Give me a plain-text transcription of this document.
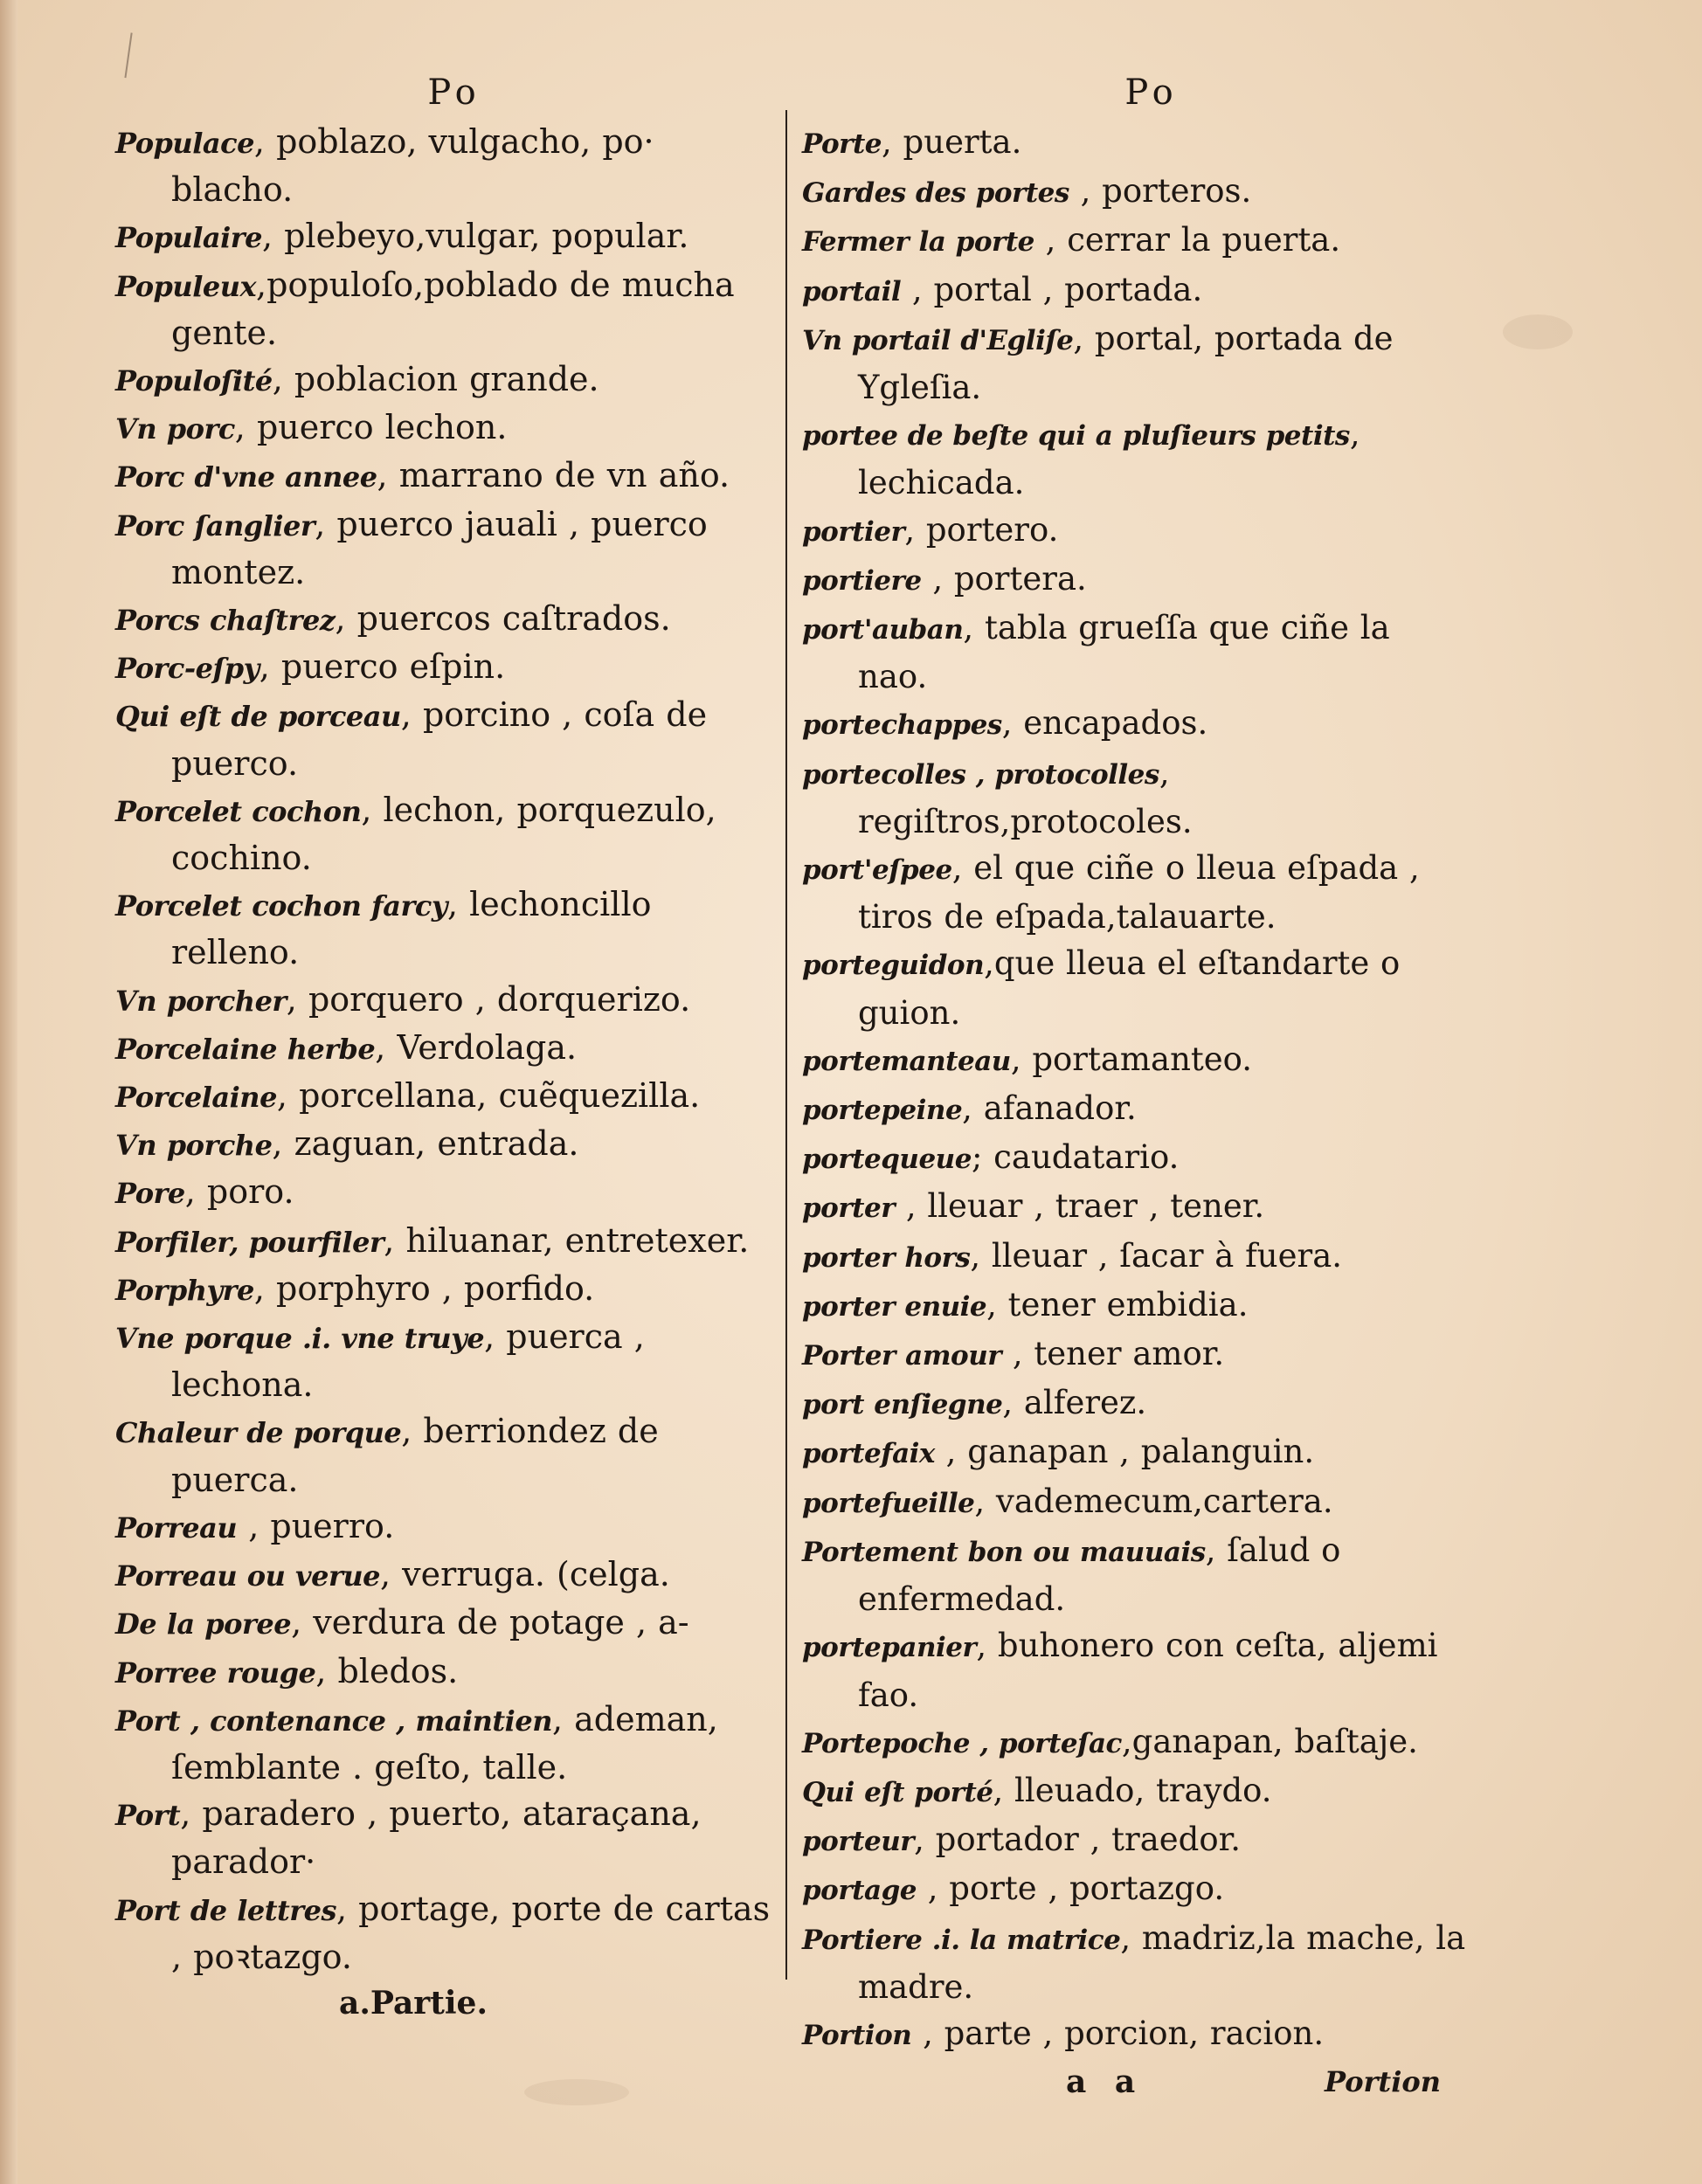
Po
Populace, poblazo, vulgacho, po· blacho.
Populaire, plebeyo,vulgar, popular.
Populeux,populoſo,poblado de mucha gente.
Populoſité, poblacion grande.
Vn porc, puerco lechon.
Porc d'vne annee, marrano de vn año.
Porc ſanglier, puerco jauali , puerco montez.
Porcs chaſtrez, puercos caſtrados.
Porc-eſpy, puerco eſpin.
Qui eſt de porceau, porcino , coſa de puerco.
Porcelet cochon, lechon, porquezulo, cochino.
Porcelet cochon farcy, lechoncillo relleno.
Vn porcher, porquero , dorquerizo.
Porcelaine herbe, Verdolaga.
Porcelaine, porcellana, cuẽquezilla.
Vn porche, zaguan, entrada.
Pore, poro.
Porfiler, pourfiler, hiluanar, entretexer.
Porphyre, porphyro , porfido.
Vne porque .i. vne truye, puerca , lechona.
Chaleur de porque, berriondez de puerca.
Porreau , puerro.
Porreau ou verue, verruga. (celga.
De la poree, verdura de potage , a-
Porree rouge, bledos.
Port , contenance , maintien, ademan, ſemblante . geſto, talle.
Port, paradero , puerto, ataraçana, parador·
Port de lettres, portage, porte de cartas , poꝛtazgo.
a.Partie.
Po
Porte, puerta.
Gardes des portes , porteros.
Fermer la porte , cerrar la puerta.
portail , portal , portada.
Vn portail d'Egliſe, portal, portada de Ygleſia.
portee de beſte qui a pluſieurs petits, lechicada.
portier, portero.
portiere , portera.
port'auban, tabla grueſſa que ciñe la nao.
portechappes, encapados.
portecolles , protocolles, regiſtros,protocoles.
port'eſpee, el que ciñe o lleua eſpada , tiros de eſpada,talauarte.
porteguidon,que lleua el eſtandarte o guion.
portemanteau, portamanteo.
portepeine, afanador.
portequeue; caudatario.
porter , lleuar , traer , tener.
porter hors, lleuar , ſacar à fuera.
porter enuie, tener embidia.
Porter amour , tener amor.
port enſiegne, alferez.
portefaix , ganapan , palanguin.
portefueille, vademecum,cartera.
Portement bon ou mauuais, ſalud o enfermedad.
portepanier, buhonero con ceſta, aljemi fao.
Portepoche , porteſac,ganapan, baſtaje.
Qui eſt porté, lleuado, traydo.
porteur, portador , traedor.
portage , porte , portazgo.
Portiere .i. la matrice, madriz,la mache, la madre.
Portion , parte , porcion, racion.
a a	Portion
